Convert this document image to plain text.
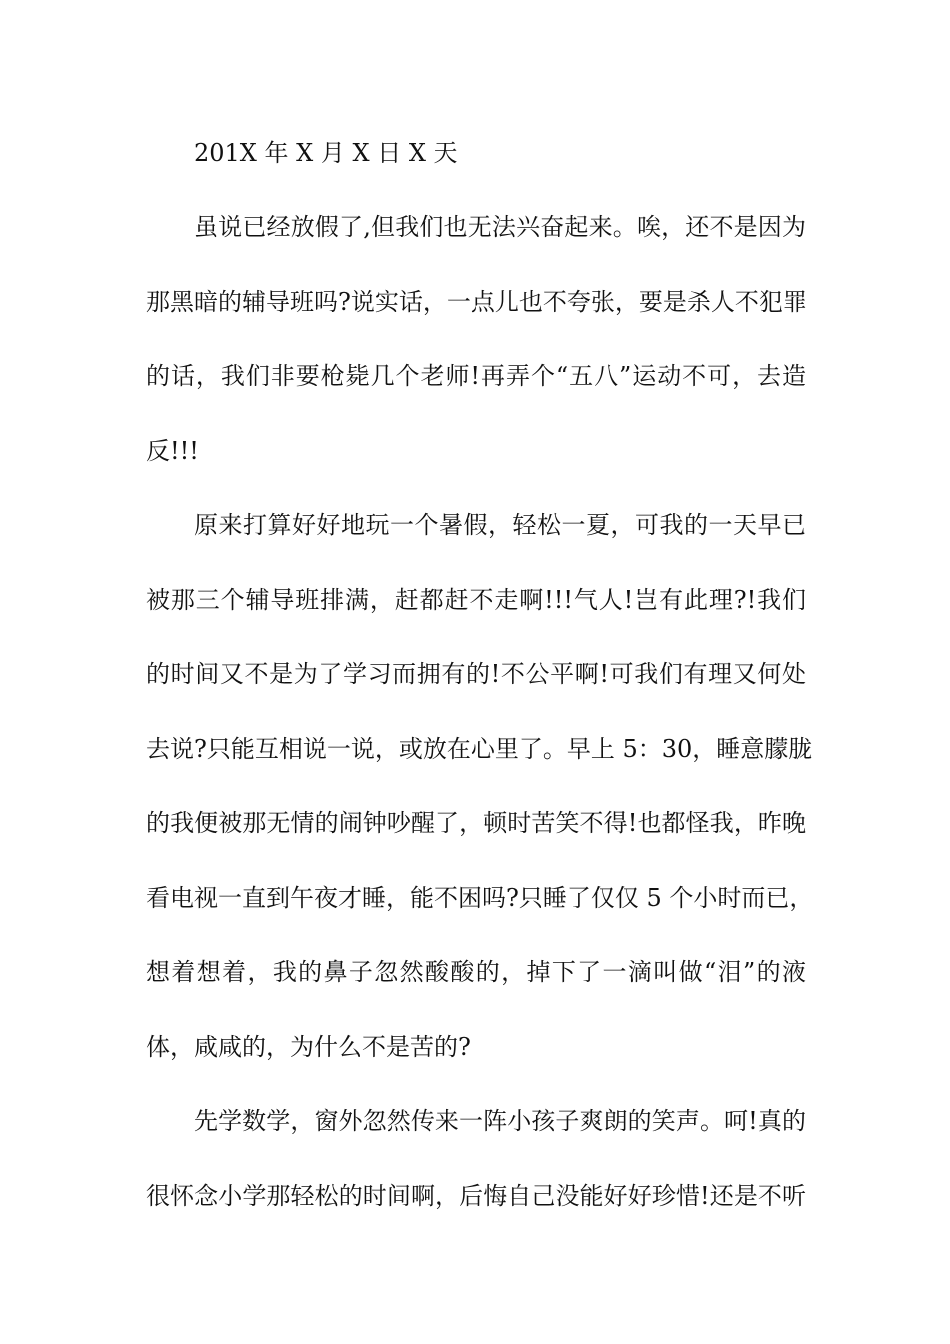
201X 年 X 月 X 日 X 天
虽说已经放假了,但我们也无法兴奋起来。唉，还不是因为
那黑暗的辅导班吗?说实话，一点儿也不夸张，要是杀人不犯罪
的话，我们非要枪毙几个老师!再弄个“五八”运动不可，去造
反!!!
原来打算好好地玩一个暑假，轻松一夏，可我的一天早已
被那三个辅导班排满，赶都赶不走啊!!!气人!岂有此理?!我们
的时间又不是为了学习而拥有的!不公平啊!可我们有理又何处
去说?只能互相说一说，或放在心里了。早上 5：30，睡意朦胧
的我便被那无情的闹钟吵醒了，顿时苦笑不得!也都怪我，昨晚
看电视一直到午夜才睡，能不困吗?只睡了仅仅 5 个小时而已，
想着想着，我的鼻子忽然酸酸的，掉下了一滴叫做“泪”的液
体，咸咸的，为什么不是苦的?
先学数学，窗外忽然传来一阵小孩子爽朗的笑声。呵!真的
很怀念小学那轻松的时间啊，后悔自己没能好好珍惜!还是不听
